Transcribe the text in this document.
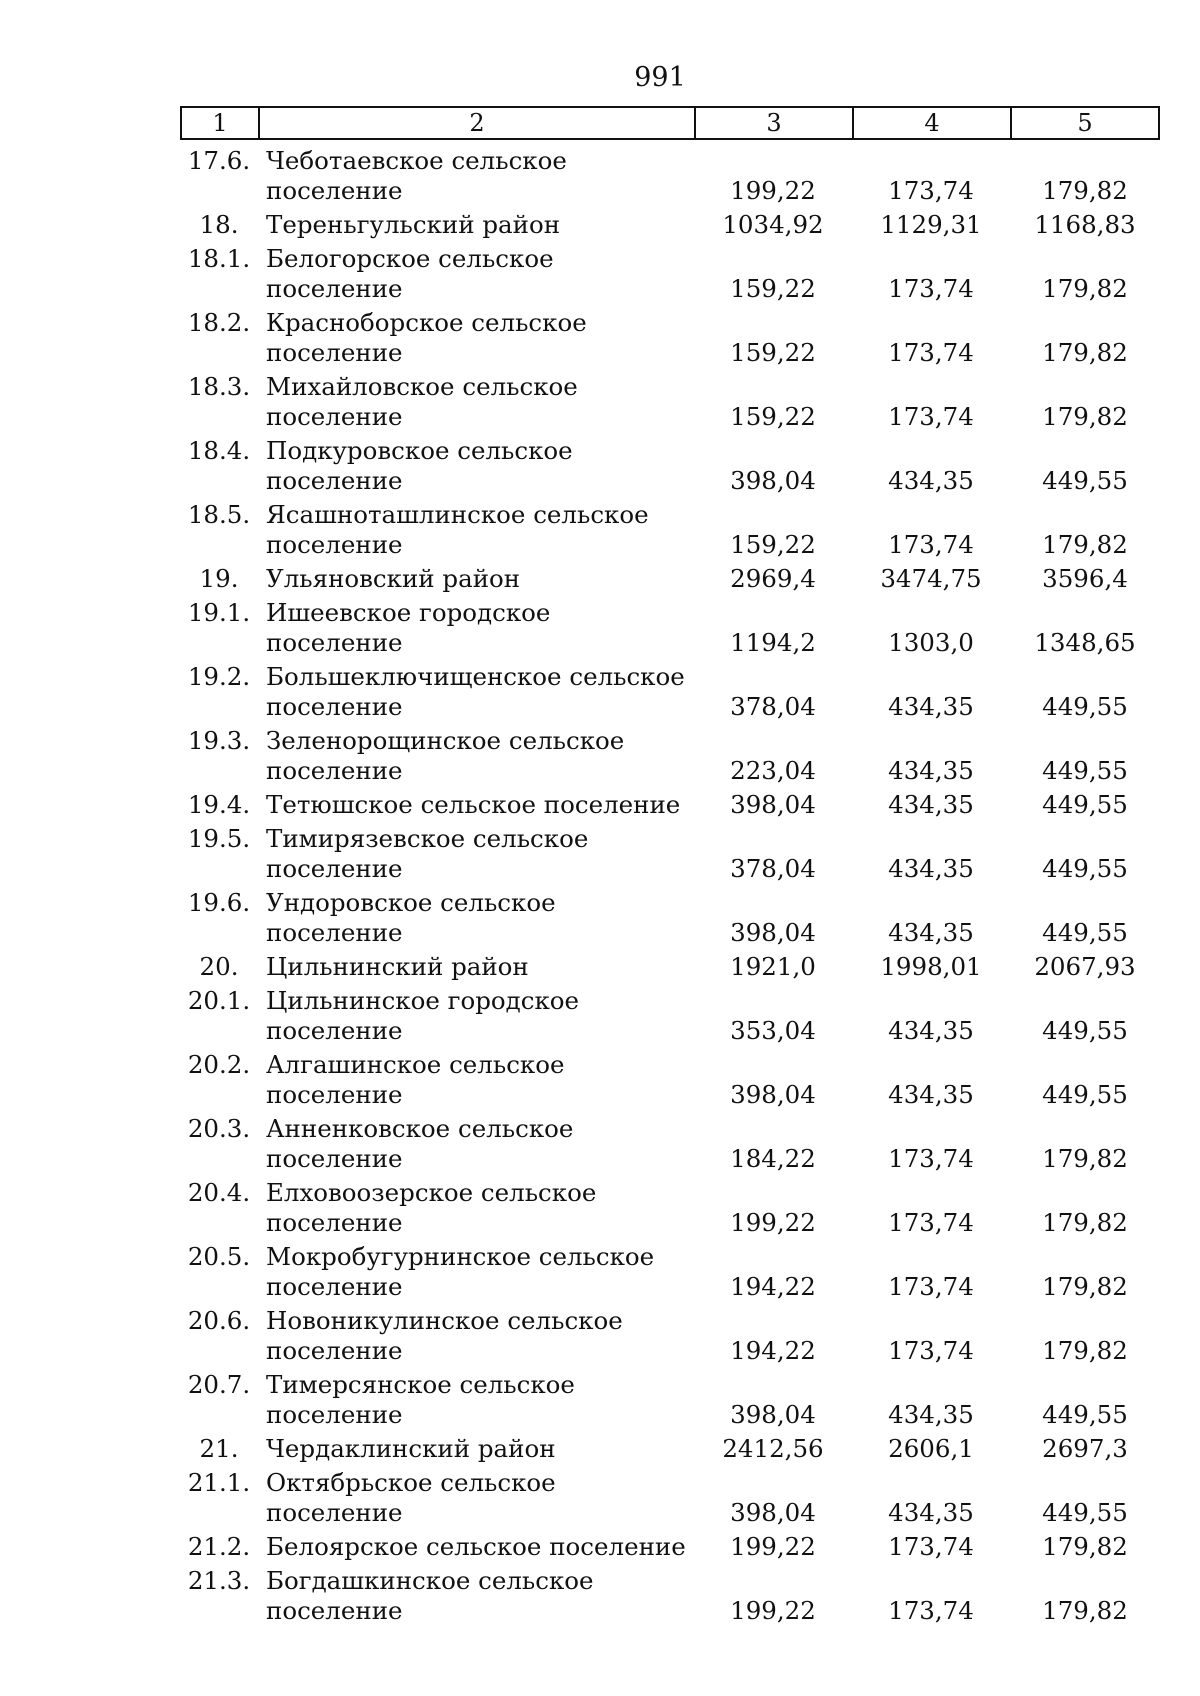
991
1	2	3	4	5
17.6. Чеботаевское сельское поселение	199,22	173,74	179,82
18.	Тереньгульский район	1034,92	1129,31	1168,83
18.1. Белогорское сельское поселение	159,22	173,74	179,82
18.2. Красноборское сельское поселение	159,22	173,74	179,82
18.3. Михайловское сельское поселение	159,22	173,74	179,82
18.4. Подкуровское сельское поселение	398,04	434,35	449,55
18.5. Ясашноташлинское сельское поселение	159,22	173,74	179,82
19.	Ульяновский район	2969,4	3474,75	3596,4
19.1. Ишеевское городское поселение	1194,2	1303,0	1348,65
19.2. Большеключищенское сельское поселение	378,04	434,35	449,55
19.3. Зеленорощинское сельское поселение	223,04	434,35	449,55
19.4. Тетюшское сельское поселение	398,04	434,35	449,55
19.5. Тимирязевское сельское поселение	378,04	434,35	449,55
19.6. Ундоровское сельское поселение	398,04	434,35	449,55
20.	Цильнинский район	1921,0	1998,01	2067,93
20.1. Цильнинское городское поселение	353,04	434,35	449,55
20.2. Алгашинское сельское поселение	398,04	434,35	449,55
20.3. Анненковское сельское поселение	184,22	173,74	179,82
20.4. Елховоозерское сельское поселение	199,22	173,74	179,82
20.5. Мокробугурнинское сельское поселение	194,22	173,74	179,82
20.6. Новоникулинское сельское поселение	194,22	173,74	179,82
20.7. Тимерсянское сельское поселение	398,04	434,35	449,55
21.	Чердаклинский район	2412,56	2606,1	2697,3
21.1. Октябрьское сельское поселение	398,04	434,35	449,55
21.2. Белоярское сельское поселение	199,22	173,74	179,82
21.3. Богдашкинское сельское поселение	199,22	173,74	179,82
